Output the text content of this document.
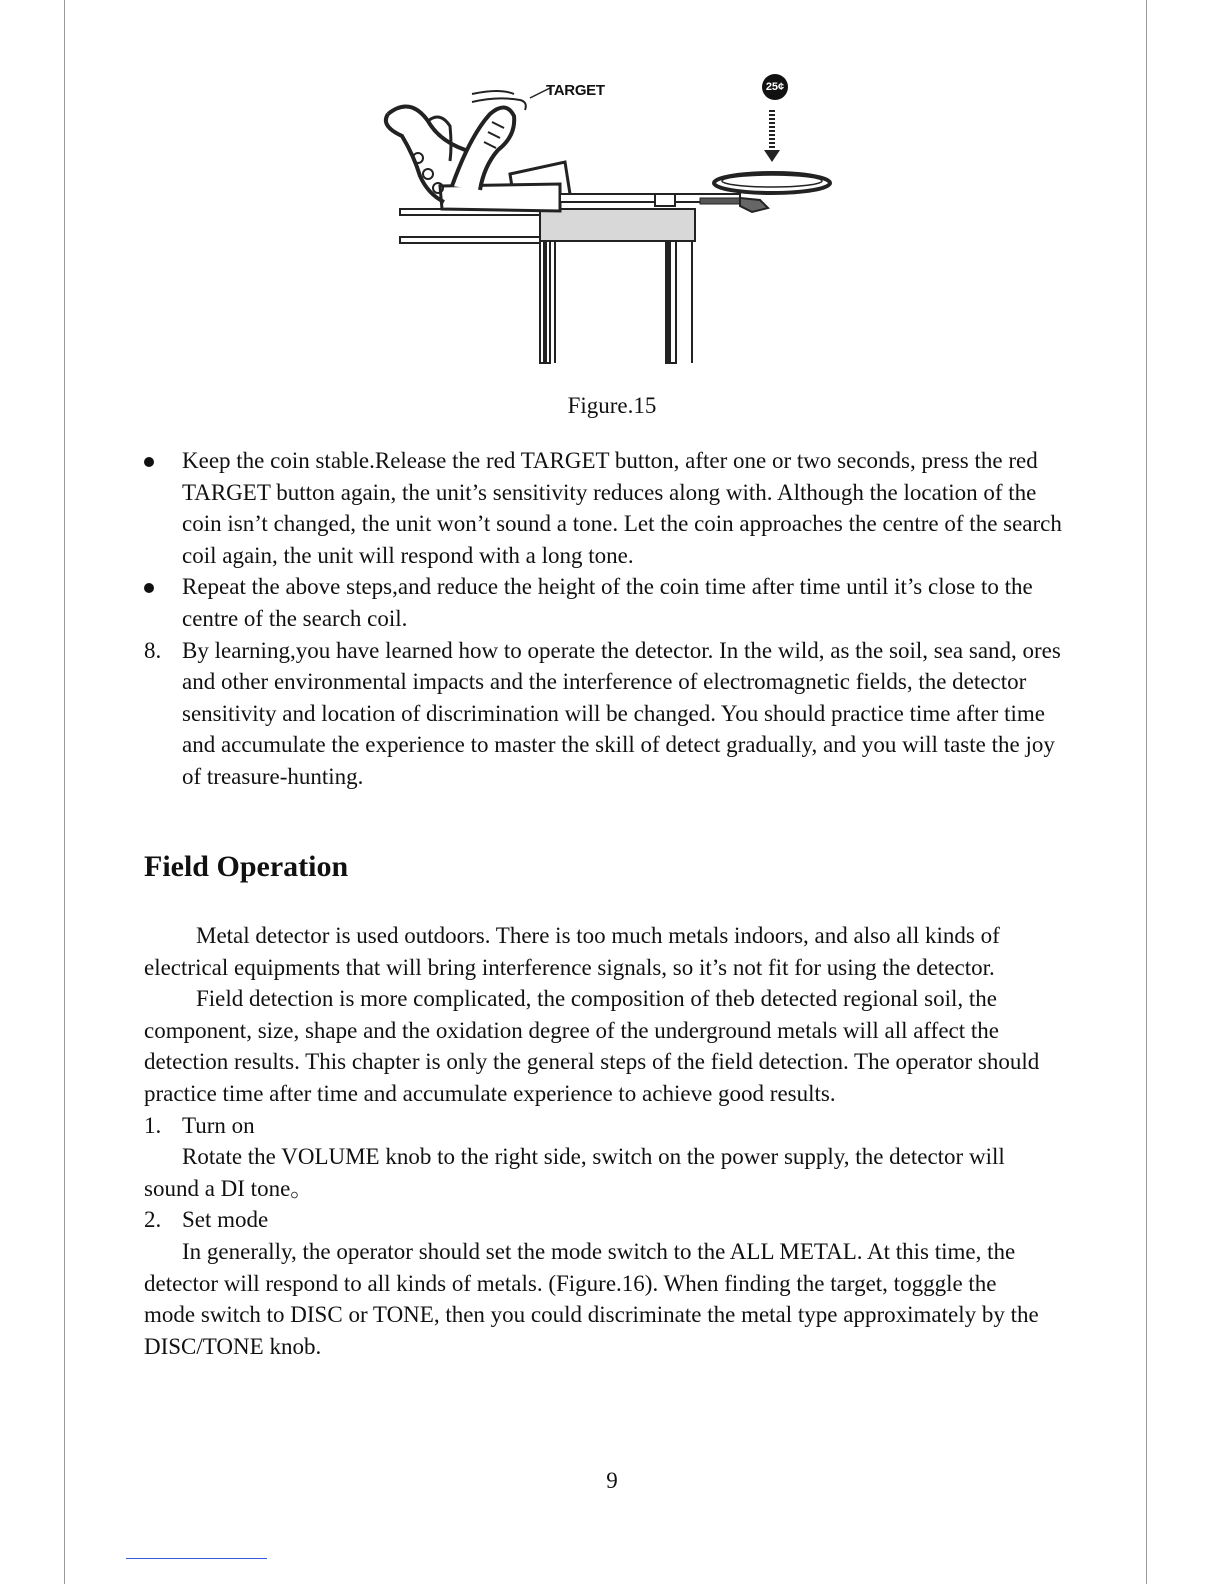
TARGET	25¢
Figure.15
Keep the coin stable.Release the red TARGET button, after one or two seconds, press the red TARGET button again, the unit’s sensitivity reduces along with. Although the location of the coin isn’t changed, the unit won’t sound a tone. Let the coin approaches the centre of the search coil again, the unit will respond with a long tone.
Repeat the above steps,and reduce the height of the coin time after time until it’s close to the centre of the search coil.
8. By learning,you have learned how to operate the detector. In the wild, as the soil, sea sand, ores and other environmental impacts and the interference of electromagnetic fields, the detector sensitivity and location of discrimination will be changed. You should practice time after time and accumulate the experience to master the skill of detect gradually, and you will taste the joy of treasure-hunting.
Field Operation

Metal detector is used outdoors. There is too much metals indoors, and also all kinds of electrical equipments that will bring interference signals, so it’s not fit for using the detector.

Field detection is more complicated, the composition of theb detected regional soil, the component, size, shape and the oxidation degree of the underground metals will all affect the detection results. This chapter is only the general steps of the field detection. The operator should practice time after time and accumulate experience to achieve good results.

1. Turn on

Rotate the VOLUME knob to the right side, switch on the power supply, the detector will sound a DI tone。

2. Set mode

In generally, the operator should set the mode switch to the ALL METAL. At this time, the detector will respond to all kinds of metals. (Figure.16). When finding the target, togggle the mode switch to DISC or TONE, then you could discriminate the metal type approximately by the DISC/TONE knob.

9
